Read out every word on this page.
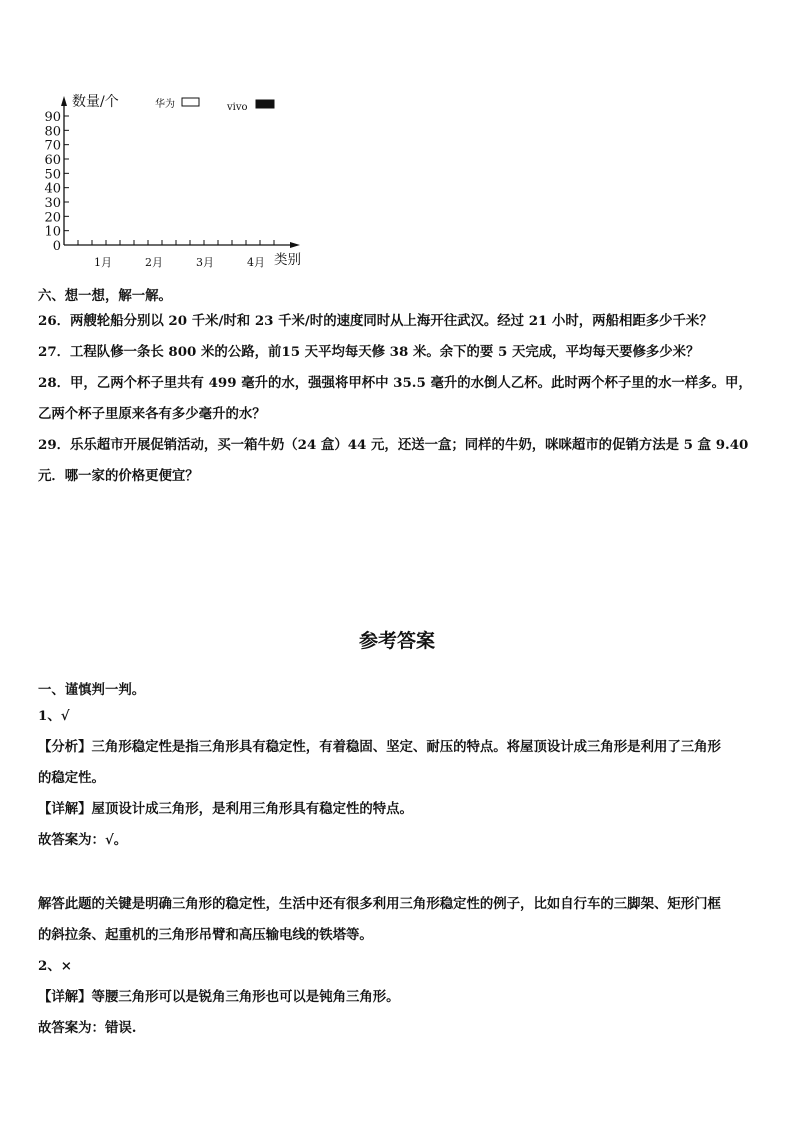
0
10
20
30
40
50
60
70
80
90
数量/个
类别
华为	vivo
1月	2月	3月	4月
六、想一想，解一解。
26．两艘轮船分别以 20 千米/时和 23 千米/时的速度同时从上海开往武汉。经过 21 小时，两船相距多少千米？
27．工程队修一条长 800 米的公路，前15 天平均每天修 38 米。余下的要 5 天完成，平均每天要修多少米？
28．甲，乙两个杯子里共有 499 毫升的水，强强将甲杯中 35.5 毫升的水倒人乙杯。此时两个杯子里的水一样多。甲，
乙两个杯子里原来各有多少毫升的水？
29．乐乐超市开展促销活动，买一箱牛奶（24 盒）44 元，还送一盒；同样的牛奶，咪咪超市的促销方法是 5 盒 9.40
元．哪一家的价格更便宜？
参考答案
一、谨慎判一判。
1、√
【分析】三角形稳定性是指三角形具有稳定性，有着稳固、坚定、耐压的特点。将屋顶设计成三角形是利用了三角形
的稳定性。
【详解】屋顶设计成三角形，是利用三角形具有稳定性的特点。
故答案为：√。
解答此题的关键是明确三角形的稳定性，生活中还有很多利用三角形稳定性的例子，比如自行车的三脚架、矩形门框
的斜拉条、起重机的三角形吊臂和高压输电线的铁塔等。
2、×
【详解】等腰三角形可以是锐角三角形也可以是钝角三角形。
故答案为：错误.
